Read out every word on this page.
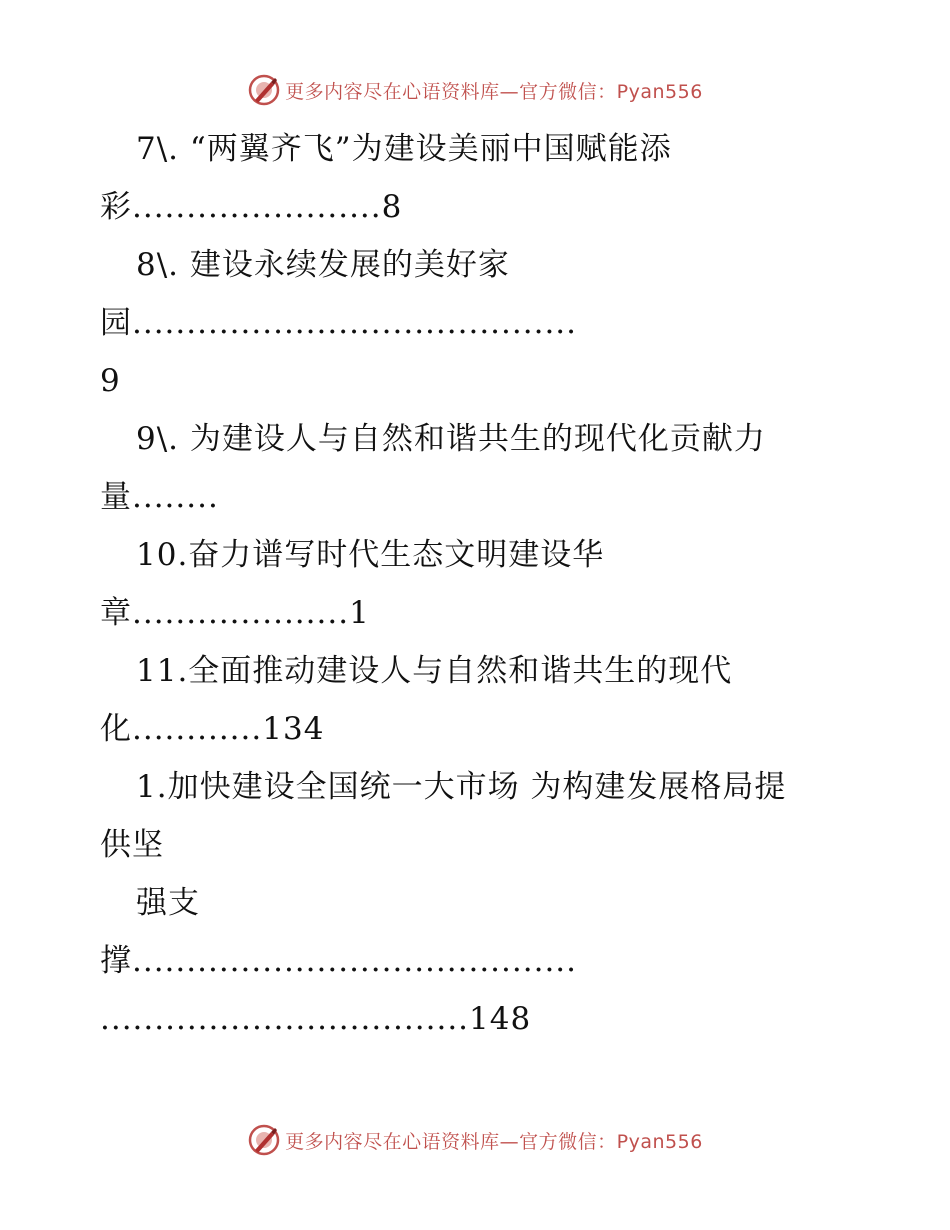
更多内容尽在心语资料库—官方微信：Pyan556
7\. “两翼齐飞”为建设美丽中国赋能添
彩.......................8
8\. 建设永续发展的美好家
园.........................................
9
9\. 为建设人与自然和谐共生的现代化贡献力
量........
10.奋力谱写时代生态文明建设华
章....................1
11.全面推动建设人与自然和谐共生的现代
化............134
1.加快建设全国统一大市场 为构建发展格局提
供坚
强支
撑.........................................
..................................148
更多内容尽在心语资料库—官方微信：Pyan556
